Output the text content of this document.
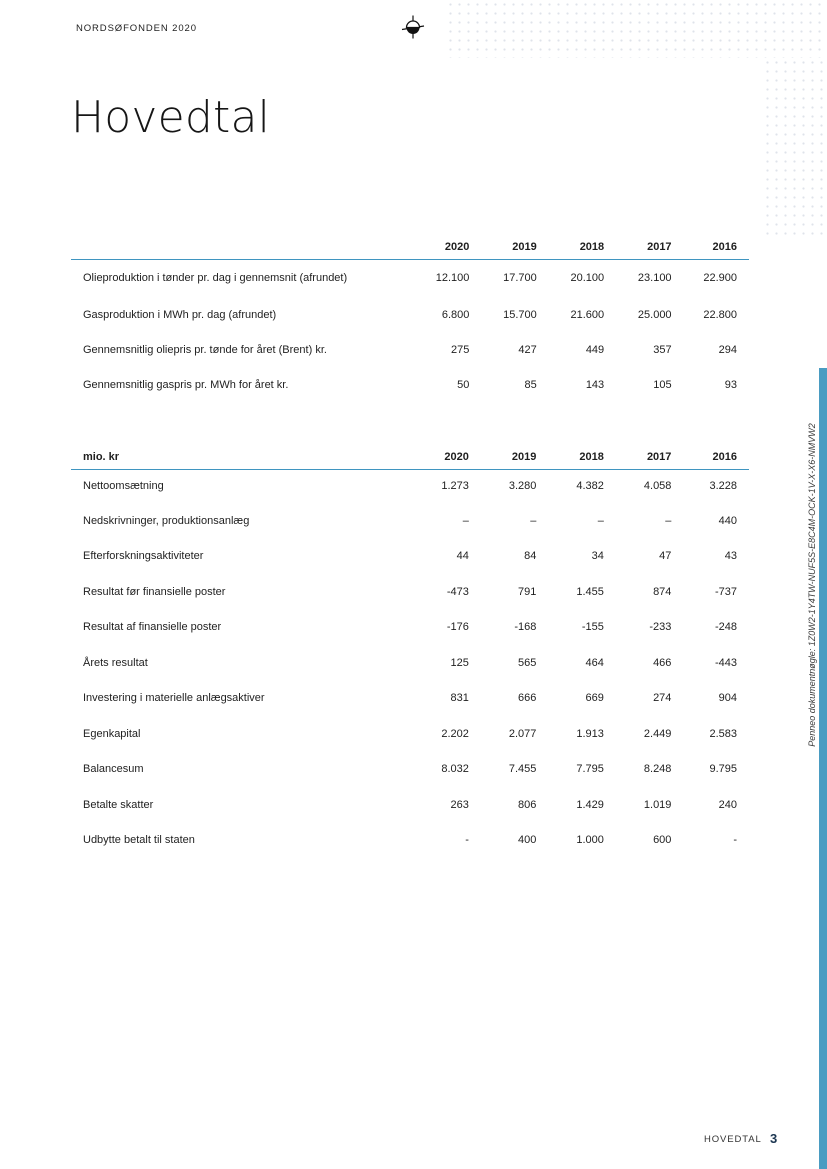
NORDSØFONDEN 2020
Hovedtal
	2020	2019	2018	2017	2016
Olieproduktion i tønder pr. dag i gennemsnit (afrundet)	12.100	17.700	20.100	23.100	22.900
Gasproduktion i MWh pr. dag (afrundet)	6.800	15.700	21.600	25.000	22.800
Gennemsnitlig oliepris pr. tønde for året (Brent) kr.	275	427	449	357	294
Gennemsnitlig gaspris pr. MWh for året kr.	50	85	143	105	93
mio. kr	2020	2019	2018	2017	2016
Nettoomsætning	1.273	3.280	4.382	4.058	3.228
Nedskrivninger, produktionsanlæg	–	–	–	–	440
Efterforskningsaktiviteter	44	84	34	47	43
Resultat før finansielle poster	-473	791	1.455	874	-737
Resultat af finansielle poster	-176	-168	-155	-233	-248
Årets resultat	125	565	464	466	-443
Investering i materielle anlægsaktiver	831	666	669	274	904
Egenkapital	2.202	2.077	1.913	2.449	2.583
Balancesum	8.032	7.455	7.795	8.248	9.795
Betalte skatter	263	806	1.429	1.019	240
Udbytte betalt til staten	-	400	1.000	600	-
Penneo dokumentnøgle: 1Z0W2-1Y4TW-NUF5S-E8C4M-OCK-1V-X-X6-NMVW2
HOVEDTAL 3
